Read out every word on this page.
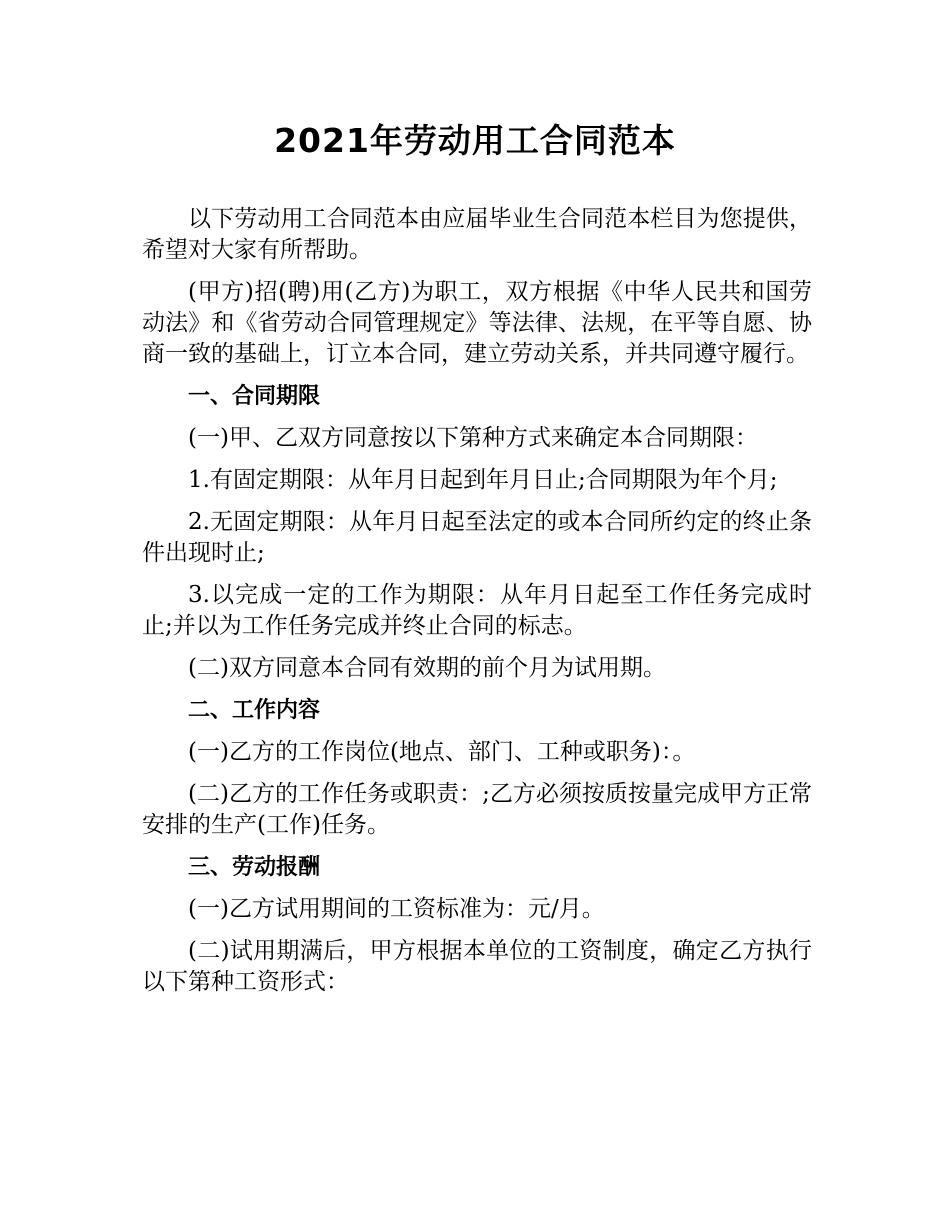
2021年劳动用工合同范本

以下劳动用工合同范本由应届毕业生合同范本栏目为您提供，希望对大家有所帮助。

(甲方)招(聘)用(乙方)为职工，双方根据《中华人民共和国劳动法》和《省劳动合同管理规定》等法律、法规，在平等自愿、协商一致的基础上，订立本合同，建立劳动关系，并共同遵守履行。

一、合同期限

(一)甲、乙双方同意按以下第种方式来确定本合同期限：

1.有固定期限：从年月日起到年月日止;合同期限为年个月;

2.无固定期限：从年月日起至法定的或本合同所约定的终止条件出现时止;

3.以完成一定的工作为期限：从年月日起至工作任务完成时止;并以为工作任务完成并终止合同的标志。

(二)双方同意本合同有效期的前个月为试用期。

二、工作内容

(一)乙方的工作岗位(地点、部门、工种或职务)：。

(二)乙方的工作任务或职责：;乙方必须按质按量完成甲方正常安排的生产(工作)任务。

三、劳动报酬

(一)乙方试用期间的工资标准为：元/月。

(二)试用期满后，甲方根据本单位的工资制度，确定乙方执行以下第种工资形式：
